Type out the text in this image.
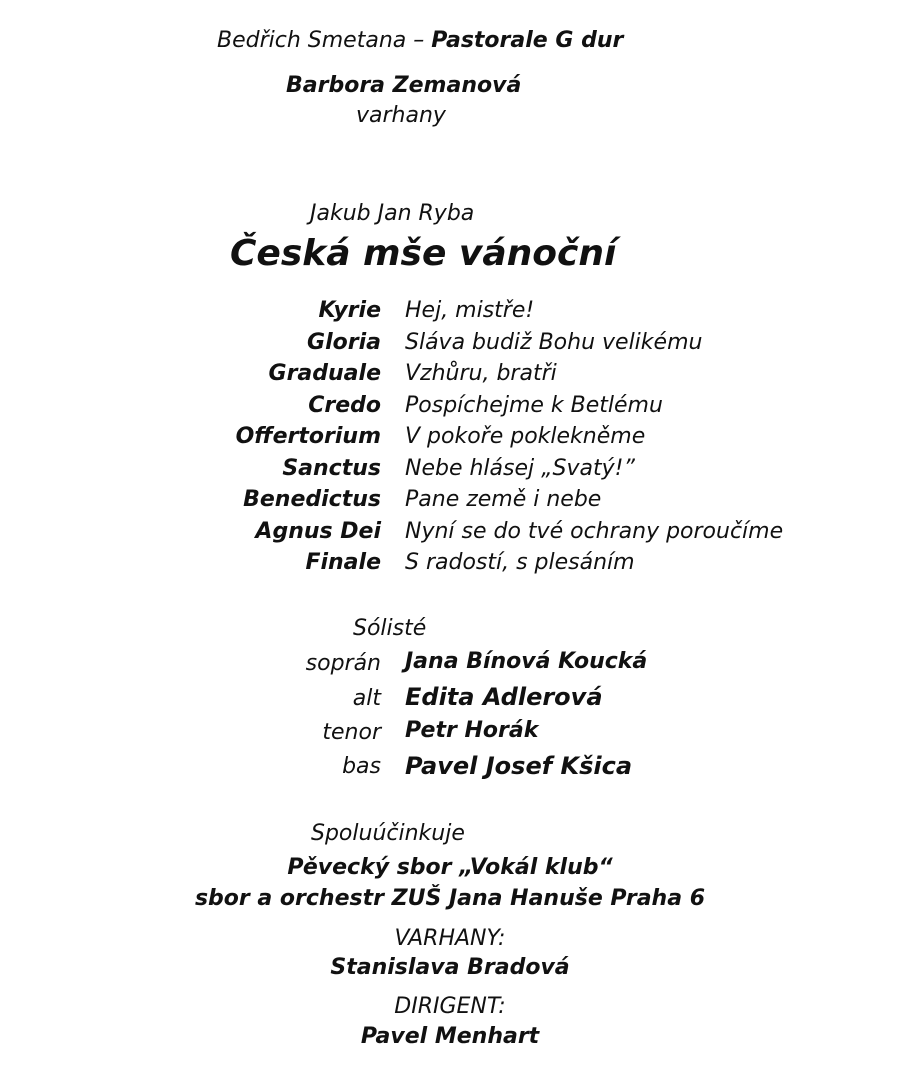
Bedřich Smetana – Pastorale G dur
Barbora Zemanová
varhany
Jakub Jan Ryba
Česká mše vánoční
Kyrie Hej, mistře!
Gloria Sláva budiž Bohu velikému
Graduale Vzhůru, bratři
Credo Pospíchejme k Betlému
Offertorium V pokoře poklekněme
Sanctus Nebe hlásej „Svatý!”
Benedictus Pane země i nebe
Agnus Dei Nyní se do tvé ochrany poroučíme
Finale S radostí, s plesáním
Sólisté
soprán Jana Bínová Koucká
alt Edita Adlerová
tenor Petr Horák
bas Pavel Josef Kšica
Spoluúčinkuje
Pěvecký sbor „Vokál klub“
sbor a orchestr ZUŠ Jana Hanuše Praha 6
VARHANY:
Stanislava Bradová
DIRIGENT:
Pavel Menhart
